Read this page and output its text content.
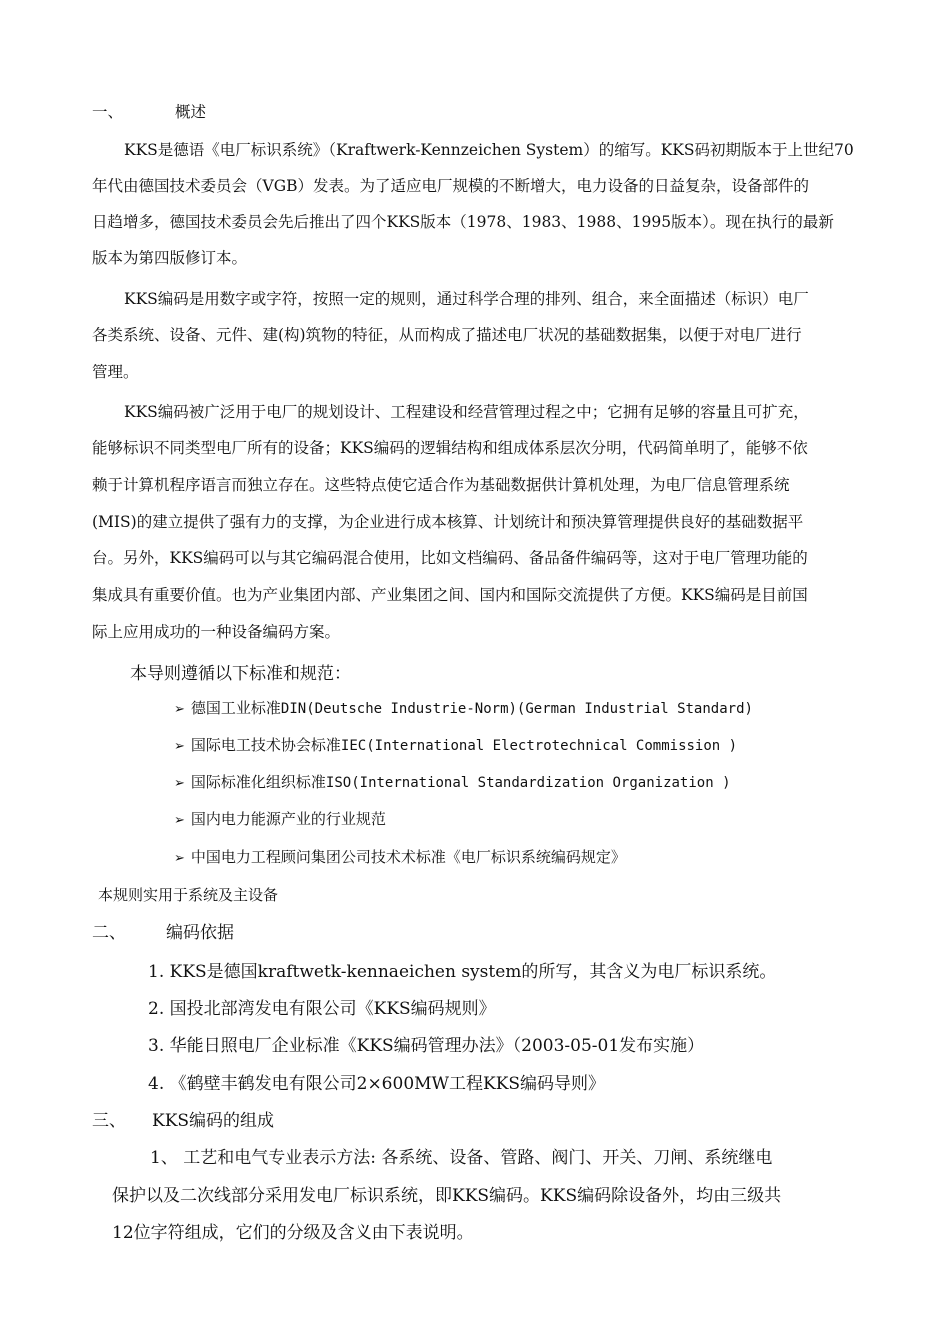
一、	概述
KKS是德语《电厂标识系统》（Kraftwerk-Kennzeichen System）的缩写。KKS码初期版本于上世纪70
年代由德国技术委员会（VGB）发表。为了适应电厂规模的不断增大，电力设备的日益复杂，设备部件的
日趋增多，德国技术委员会先后推出了四个KKS版本（1978、1983、1988、1995版本）。现在执行的最新
版本为第四版修订本。
KKS编码是用数字或字符，按照一定的规则，通过科学合理的排列、组合，来全面描述（标识）电厂
各类系统、设备、元件、建(构)筑物的特征，从而构成了描述电厂状况的基础数据集，以便于对电厂进行
管理。
KKS编码被广泛用于电厂的规划设计、工程建设和经营管理过程之中；它拥有足够的容量且可扩充，
能够标识不同类型电厂所有的设备；KKS编码的逻辑结构和组成体系层次分明，代码简单明了，能够不依
赖于计算机程序语言而独立存在。这些特点使它适合作为基础数据供计算机处理，为电厂信息管理系统
(MIS)的建立提供了强有力的支撑，为企业进行成本核算、计划统计和预决算管理提供良好的基础数据平
台。另外，KKS编码可以与其它编码混合使用，比如文档编码、备品备件编码等，这对于电厂管理功能的
集成具有重要价值。也为产业集团内部、产业集团之间、国内和国际交流提供了方便。KKS编码是目前国
际上应用成功的一种设备编码方案。
本导则遵循以下标准和规范：
➢ 德国工业标准DIN(Deutsche Industrie-Norm)(German Industrial Standard)
➢ 国际电工技术协会标准IEC(International Electrotechnical Commission )
➢ 国际标准化组织标准ISO(International Standardization Organization )
➢ 国内电力能源产业的行业规范
➢ 中国电力工程顾问集团公司技术术标准《电厂标识系统编码规定》
本规则实用于系统及主设备
二、 编码依据
1. KKS是德国kraftwetk-kennaeichen system的所写，其含义为电厂标识系统。
2. 国投北部湾发电有限公司《KKS编码规则》
3. 华能日照电厂企业标准《KKS编码管理办法》（2003-05-01发布实施）
4. 《鹤壁丰鹤发电有限公司2×600MW工程KKS编码导则》
三、 KKS编码的组成
1、 工艺和电气专业表示方法: 各系统、设备、管路、阀门、开关、刀闸、系统继电
保护以及二次线部分采用发电厂标识系统，即KKS编码。KKS编码除设备外，均由三级共
12位字符组成，它们的分级及含义由下表说明。
